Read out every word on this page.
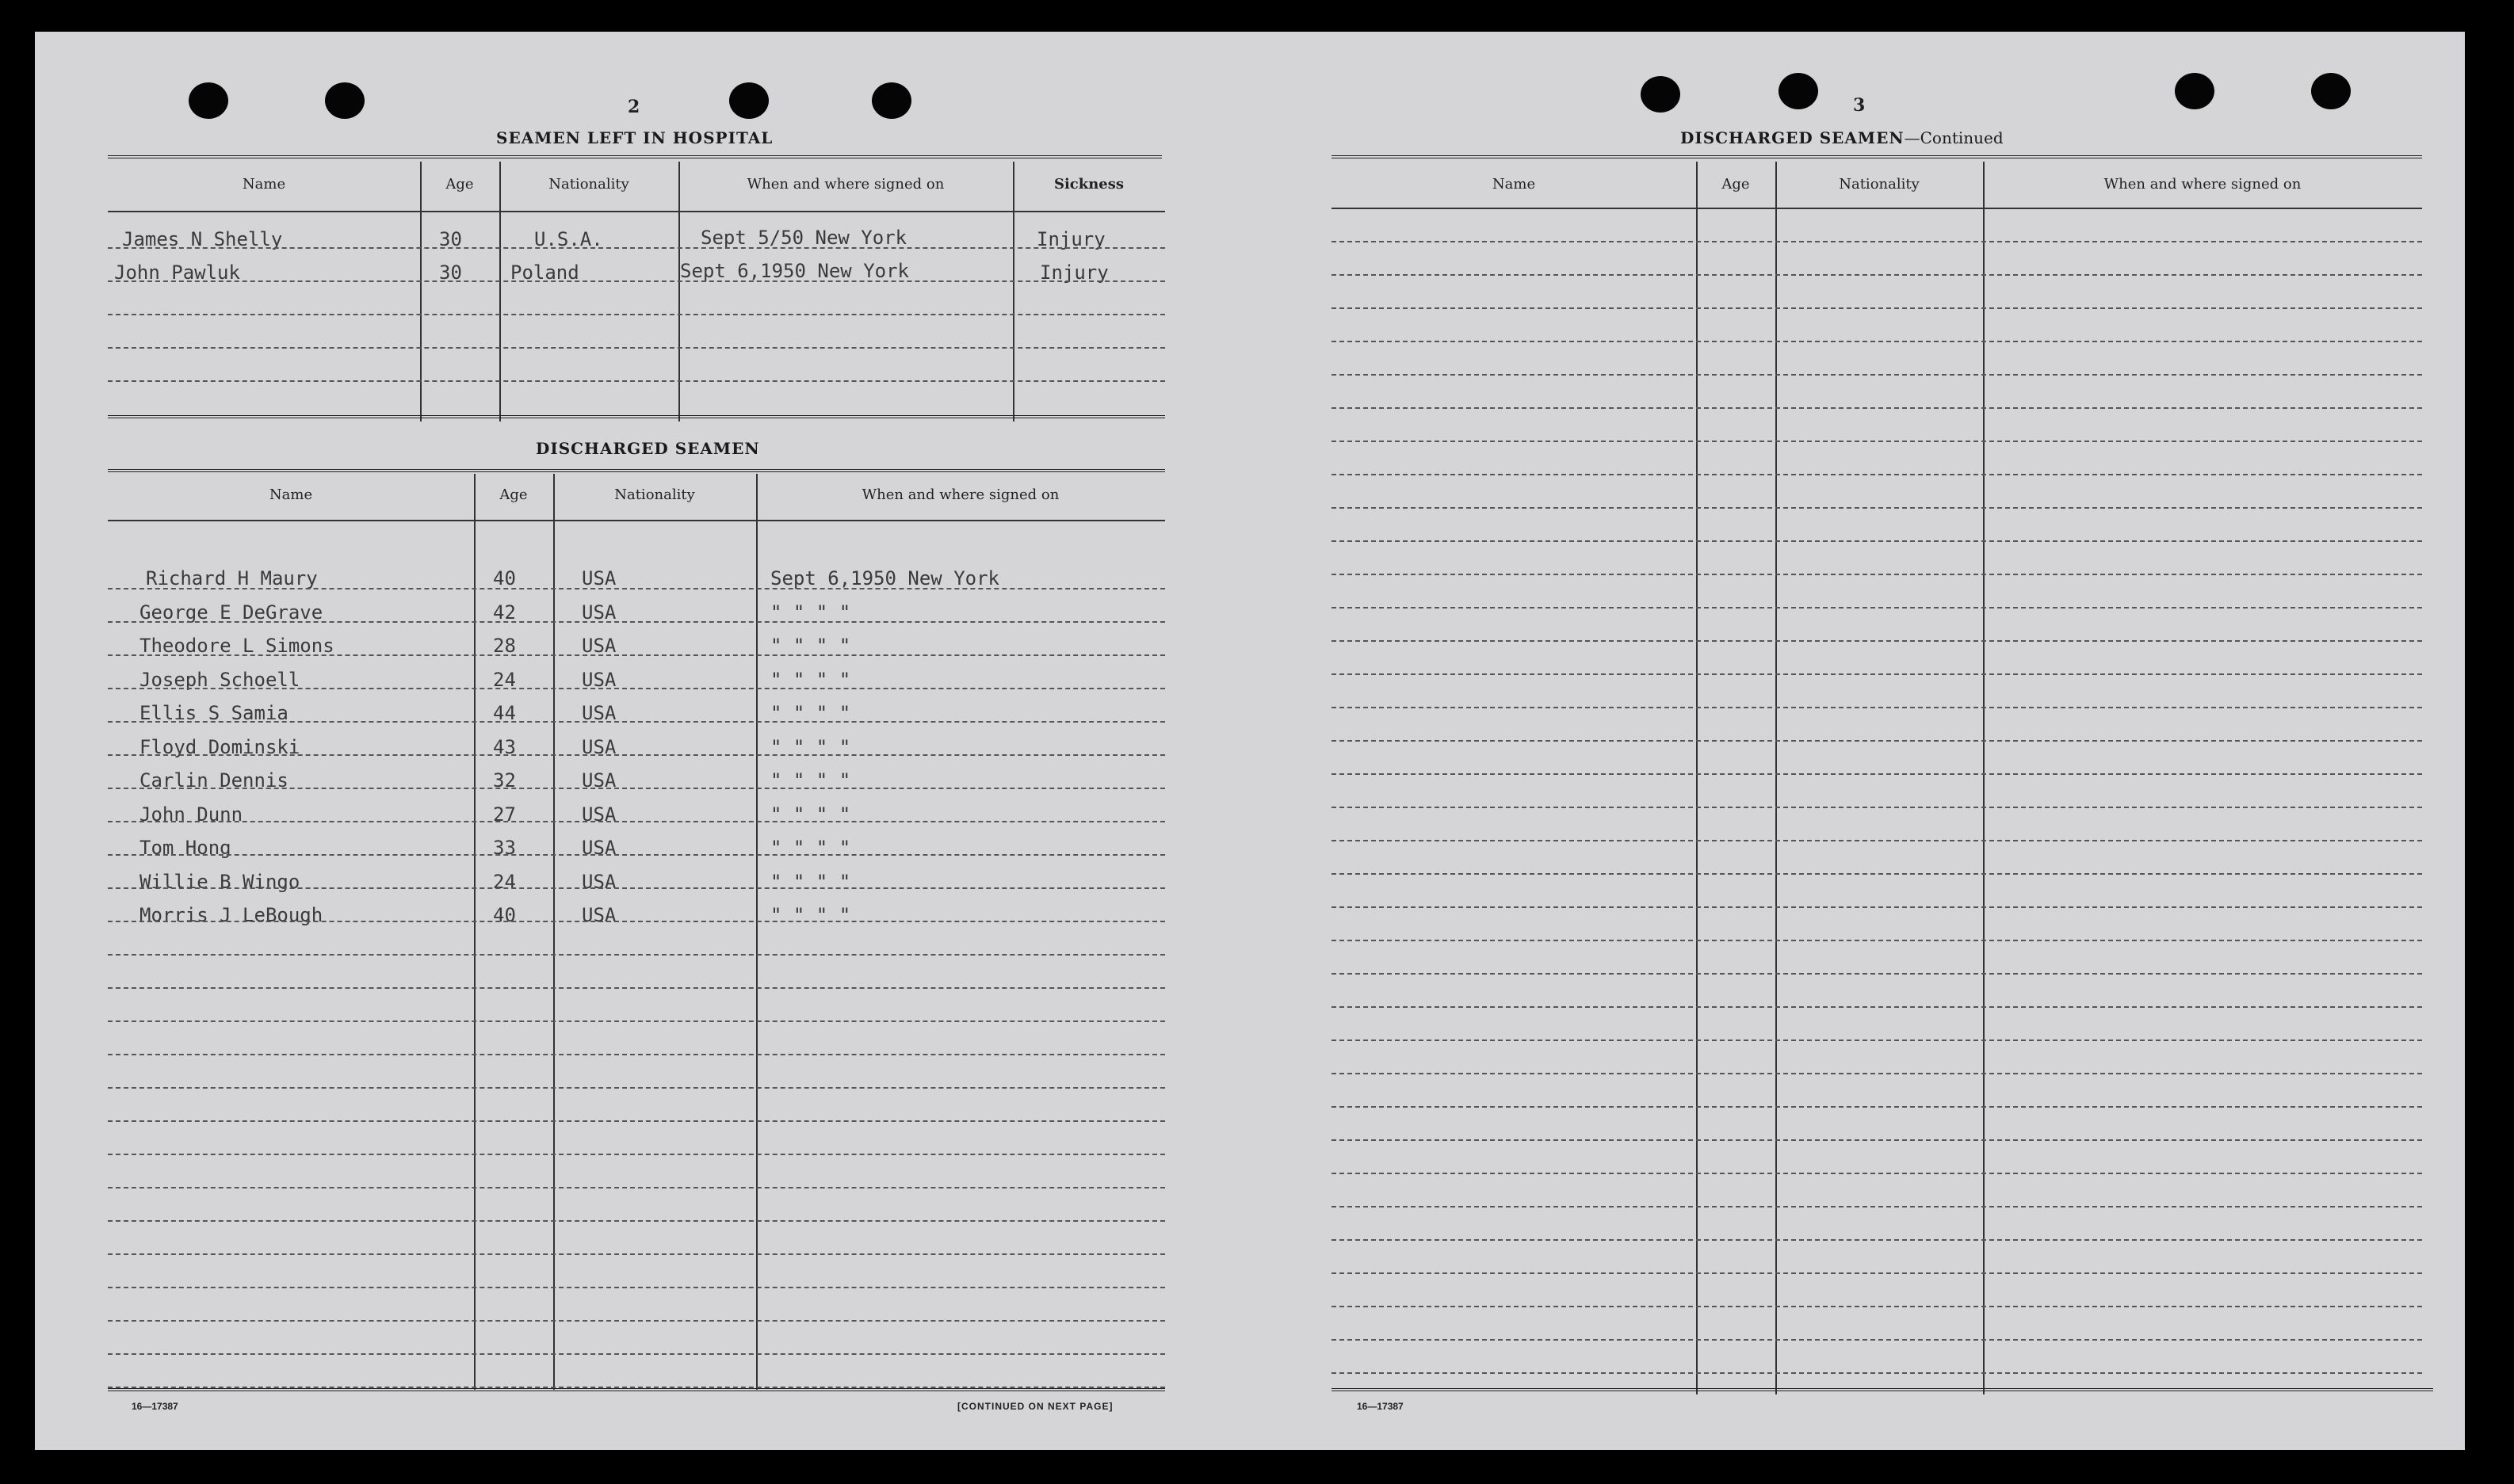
2
SEAMEN LEFT IN HOSPITAL
Name	Age	Nationality	When and where signed on	Sickness
James N Shelly	30	U.S.A.	Sept 5/50 New York	Injury
John Pawluk	30	Poland	Sept 6,1950 New York	Injury
DISCHARGED SEAMEN
Name	Age	Nationality	When and where signed on
Richard H Maury	40	USA	Sept 6,1950 New York
George E DeGrave	42	USA	" " " "
Theodore L Simons	28	USA	" " " "
Joseph Schoell	24	USA	" " " "
Ellis S Samia	44	USA	" " " "
Floyd Dominski	43	USA	" " " "
Carlin Dennis	32	USA	" " " "
John Dunn	27	USA	" " " "
Tom Hong	33	USA	" " " "
Willie B Wingo	24	USA	" " " "
Morris J LeBough	40	USA	" " " "
16—17387	[CONTINUED ON NEXT PAGE]
3
DISCHARGED SEAMEN—Continued
Name	Age	Nationality	When and where signed on
16—17387
